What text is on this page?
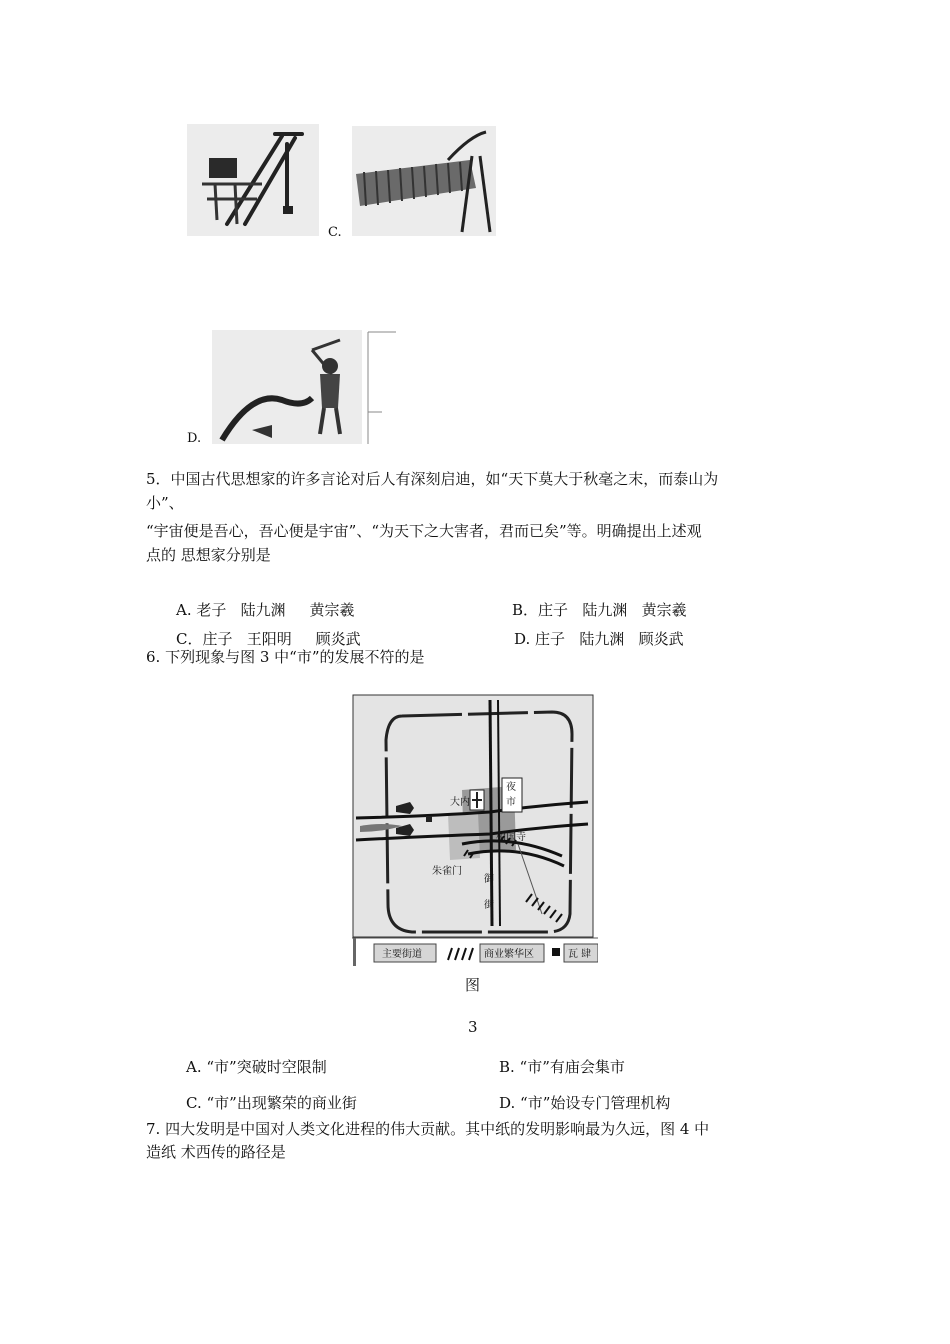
C.
D.
5．中国古代思想家的许多言论对后人有深刻启迪，如“天下莫大于秋毫之末，而泰山为
小”、
“宇宙便是吾心，吾心便是宇宙”、“为天下之大害者，君而已矣”等。明确提出上述观
点的 思想家分别是
A. 老子   陆九渊     黄宗羲	B．庄子   陆九渊   黄宗羲
C．庄子   王阳明     顾炎武	D. 庄子   陆九渊   顾炎武
6. 下列现象与图 3 中“市”的发展不符的是
大内
夜
市
相国寺
朱雀门
御
街
主要街道	商业繁华区	瓦 肆
图
3
A. “市”突破时空限制	B. “市”有庙会集市
C. “市”出现繁荣的商业街	D. “市”始设专门管理机构
7. 四大发明是中国对人类文化进程的伟大贡献。其中纸的发明影响最为久远，图 4 中
造纸 术西传的路径是
